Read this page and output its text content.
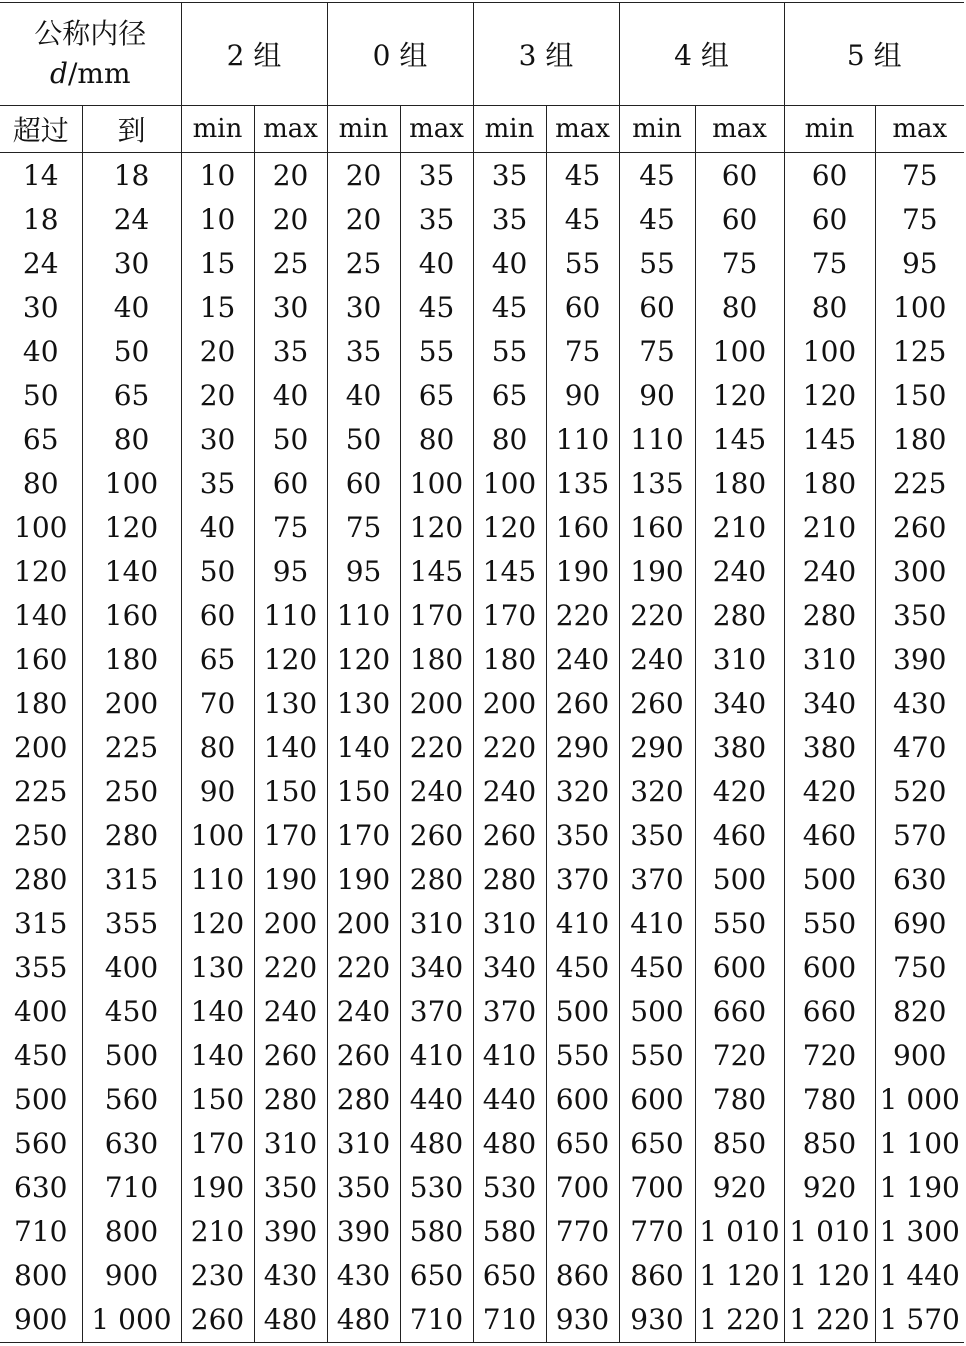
公称内径
d/mm		2 组		0 组		3 组		4 组		5 组	
超过	到	min	max	min	max	min	max	min	max	min	max
14	18	10	20	20	35	35	45	45	60	60	75
18	24	10	20	20	35	35	45	45	60	60	75
24	30	15	25	25	40	40	55	55	75	75	95
30	40	15	30	30	45	45	60	60	80	80	100
40	50	20	35	35	55	55	75	75	100	100	125
50	65	20	40	40	65	65	90	90	120	120	150
65	80	30	50	50	80	80	110	110	145	145	180
80	100	35	60	60	100	100	135	135	180	180	225
100	120	40	75	75	120	120	160	160	210	210	260
120	140	50	95	95	145	145	190	190	240	240	300
140	160	60	110	110	170	170	220	220	280	280	350
160	180	65	120	120	180	180	240	240	310	310	390
180	200	70	130	130	200	200	260	260	340	340	430
200	225	80	140	140	220	220	290	290	380	380	470
225	250	90	150	150	240	240	320	320	420	420	520
250	280	100	170	170	260	260	350	350	460	460	570
280	315	110	190	190	280	280	370	370	500	500	630
315	355	120	200	200	310	310	410	410	550	550	690
355	400	130	220	220	340	340	450	450	600	600	750
400	450	140	240	240	370	370	500	500	660	660	820
450	500	140	260	260	410	410	550	550	720	720	900
500	560	150	280	280	440	440	600	600	780	780	1 000
560	630	170	310	310	480	480	650	650	850	850	1 100
630	710	190	350	350	530	530	700	700	920	920	1 190
710	800	210	390	390	580	580	770	770	1 010	1 010	1 300
800	900	230	430	430	650	650	860	860	1 120	1 120	1 440
900	1 000	260	480	480	710	710	930	930	1 220	1 220	1 570
